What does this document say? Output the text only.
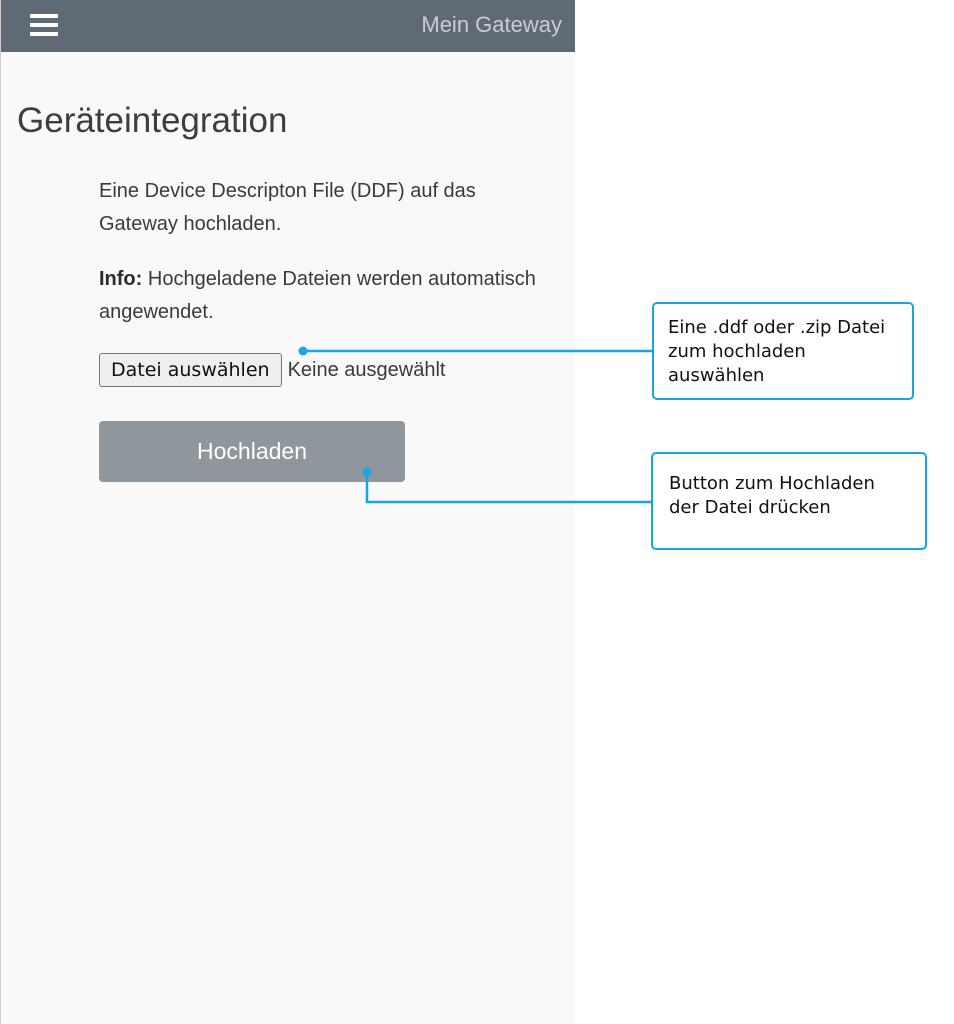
Mein Gateway
Geräteintegration

Eine Device Descripton File (DDF) auf das Gateway hochladen.

Info: Hochgeladene Dateien werden automatisch angewendet.

Datei auswählen Keine ausgewählt
Hochladen
Eine .ddf oder .zip Datei zum hochladen auswählen
Button zum Hochladen der Datei drücken
